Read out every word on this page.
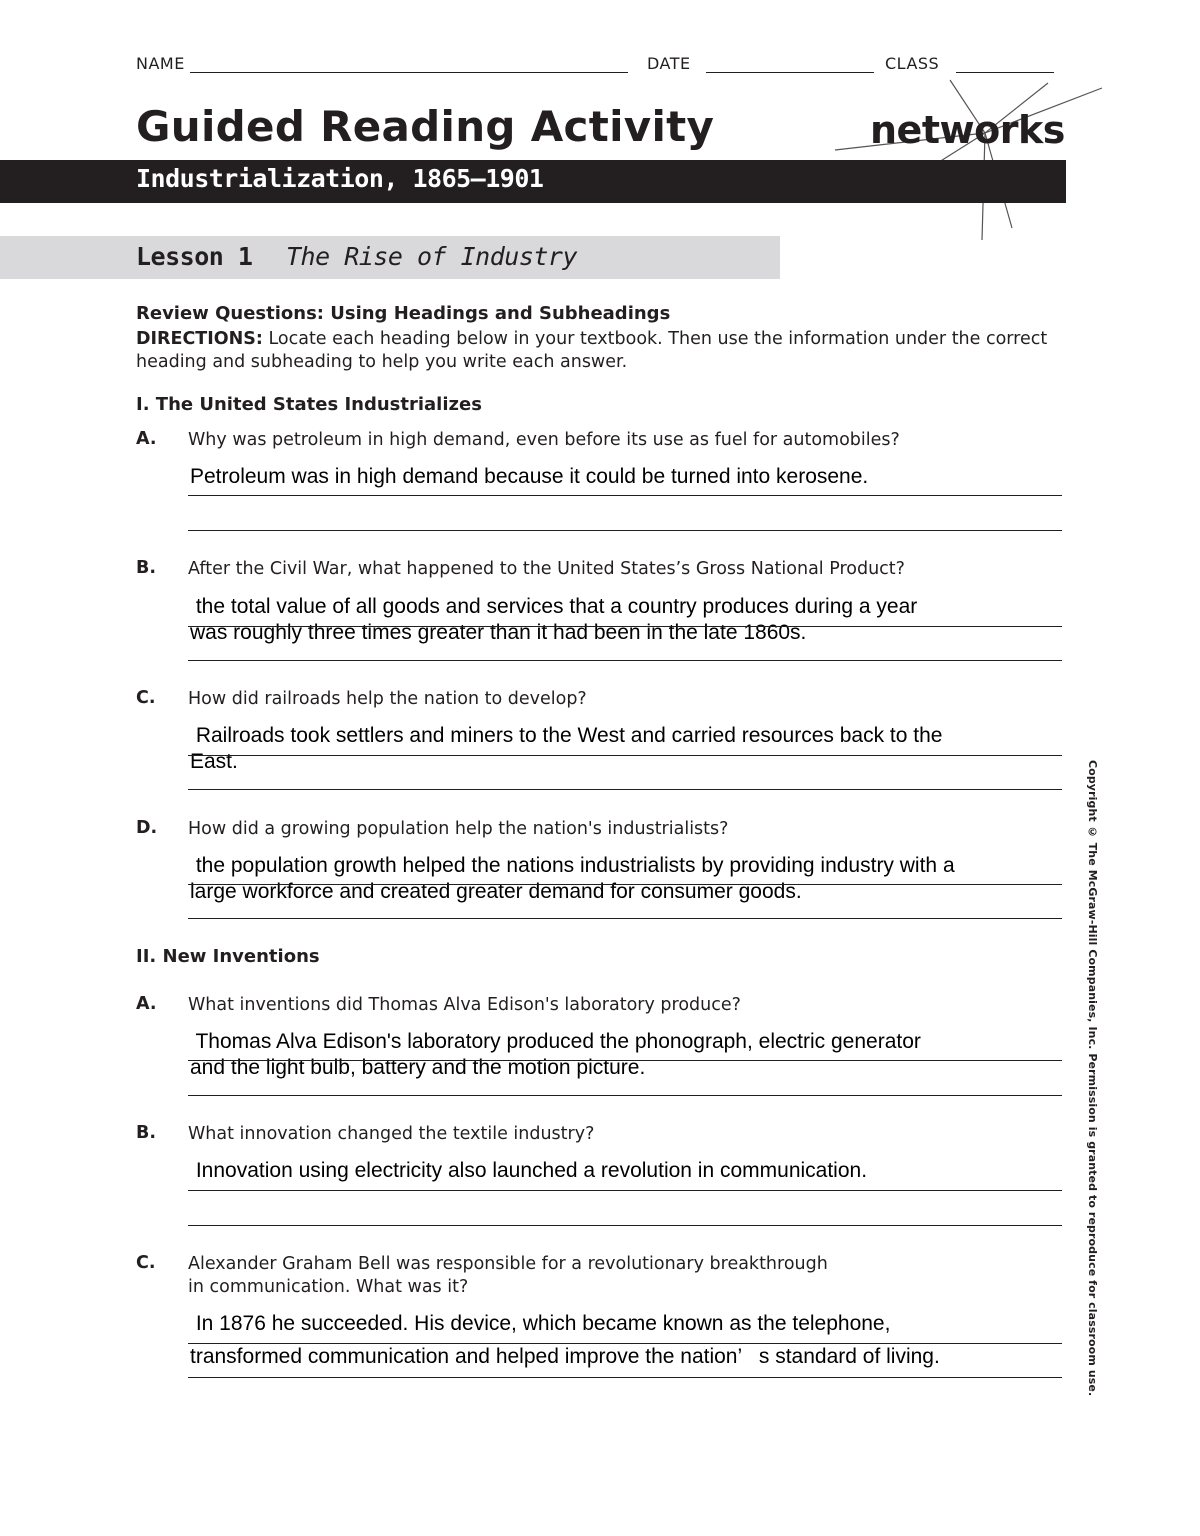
NAME	DATE	CLASS
Guided Reading Activity	networks
Industrialization, 1865–1901
Lesson 1 The Rise of Industry
Review Questions: Using Headings and Subheadings
DIRECTIONS: Locate each heading below in your textbook. Then use the information under the correct heading and subheading to help you write each answer.
I. The United States Industrializes
A. Why was petroleum in high demand, even before its use as fuel for automobiles?
Petroleum was in high demand because it could be turned into kerosene.
B. After the Civil War, what happened to the United States’s Gross National Product?
the total value of all goods and services that a country produces during a year
was roughly three times greater than it had been in the late 1860s.
C. How did railroads help the nation to develop?
Railroads took settlers and miners to the West and carried resources back to the
East.
D. How did a growing population help the nation's industrialists?
the population growth helped the nations industrialists by providing industry with a
large workforce and created greater demand for consumer goods.
II. New Inventions
A. What inventions did Thomas Alva Edison's laboratory produce?
Thomas Alva Edison's laboratory produced the phonograph, electric generator
and the light bulb, battery and the motion picture.
B. What innovation changed the textile industry?
Innovation using electricity also launched a revolution in communication.
C. Alexander Graham Bell was responsible for a revolutionary breakthrough
in communication. What was it?
In 1876 he succeeded. His device, which became known as the telephone,
transformed communication and helped improve the nation’   s standard of living.	Copyright © The McGraw-Hill Companies, Inc. Permission is granted to reproduce for classroom use.
